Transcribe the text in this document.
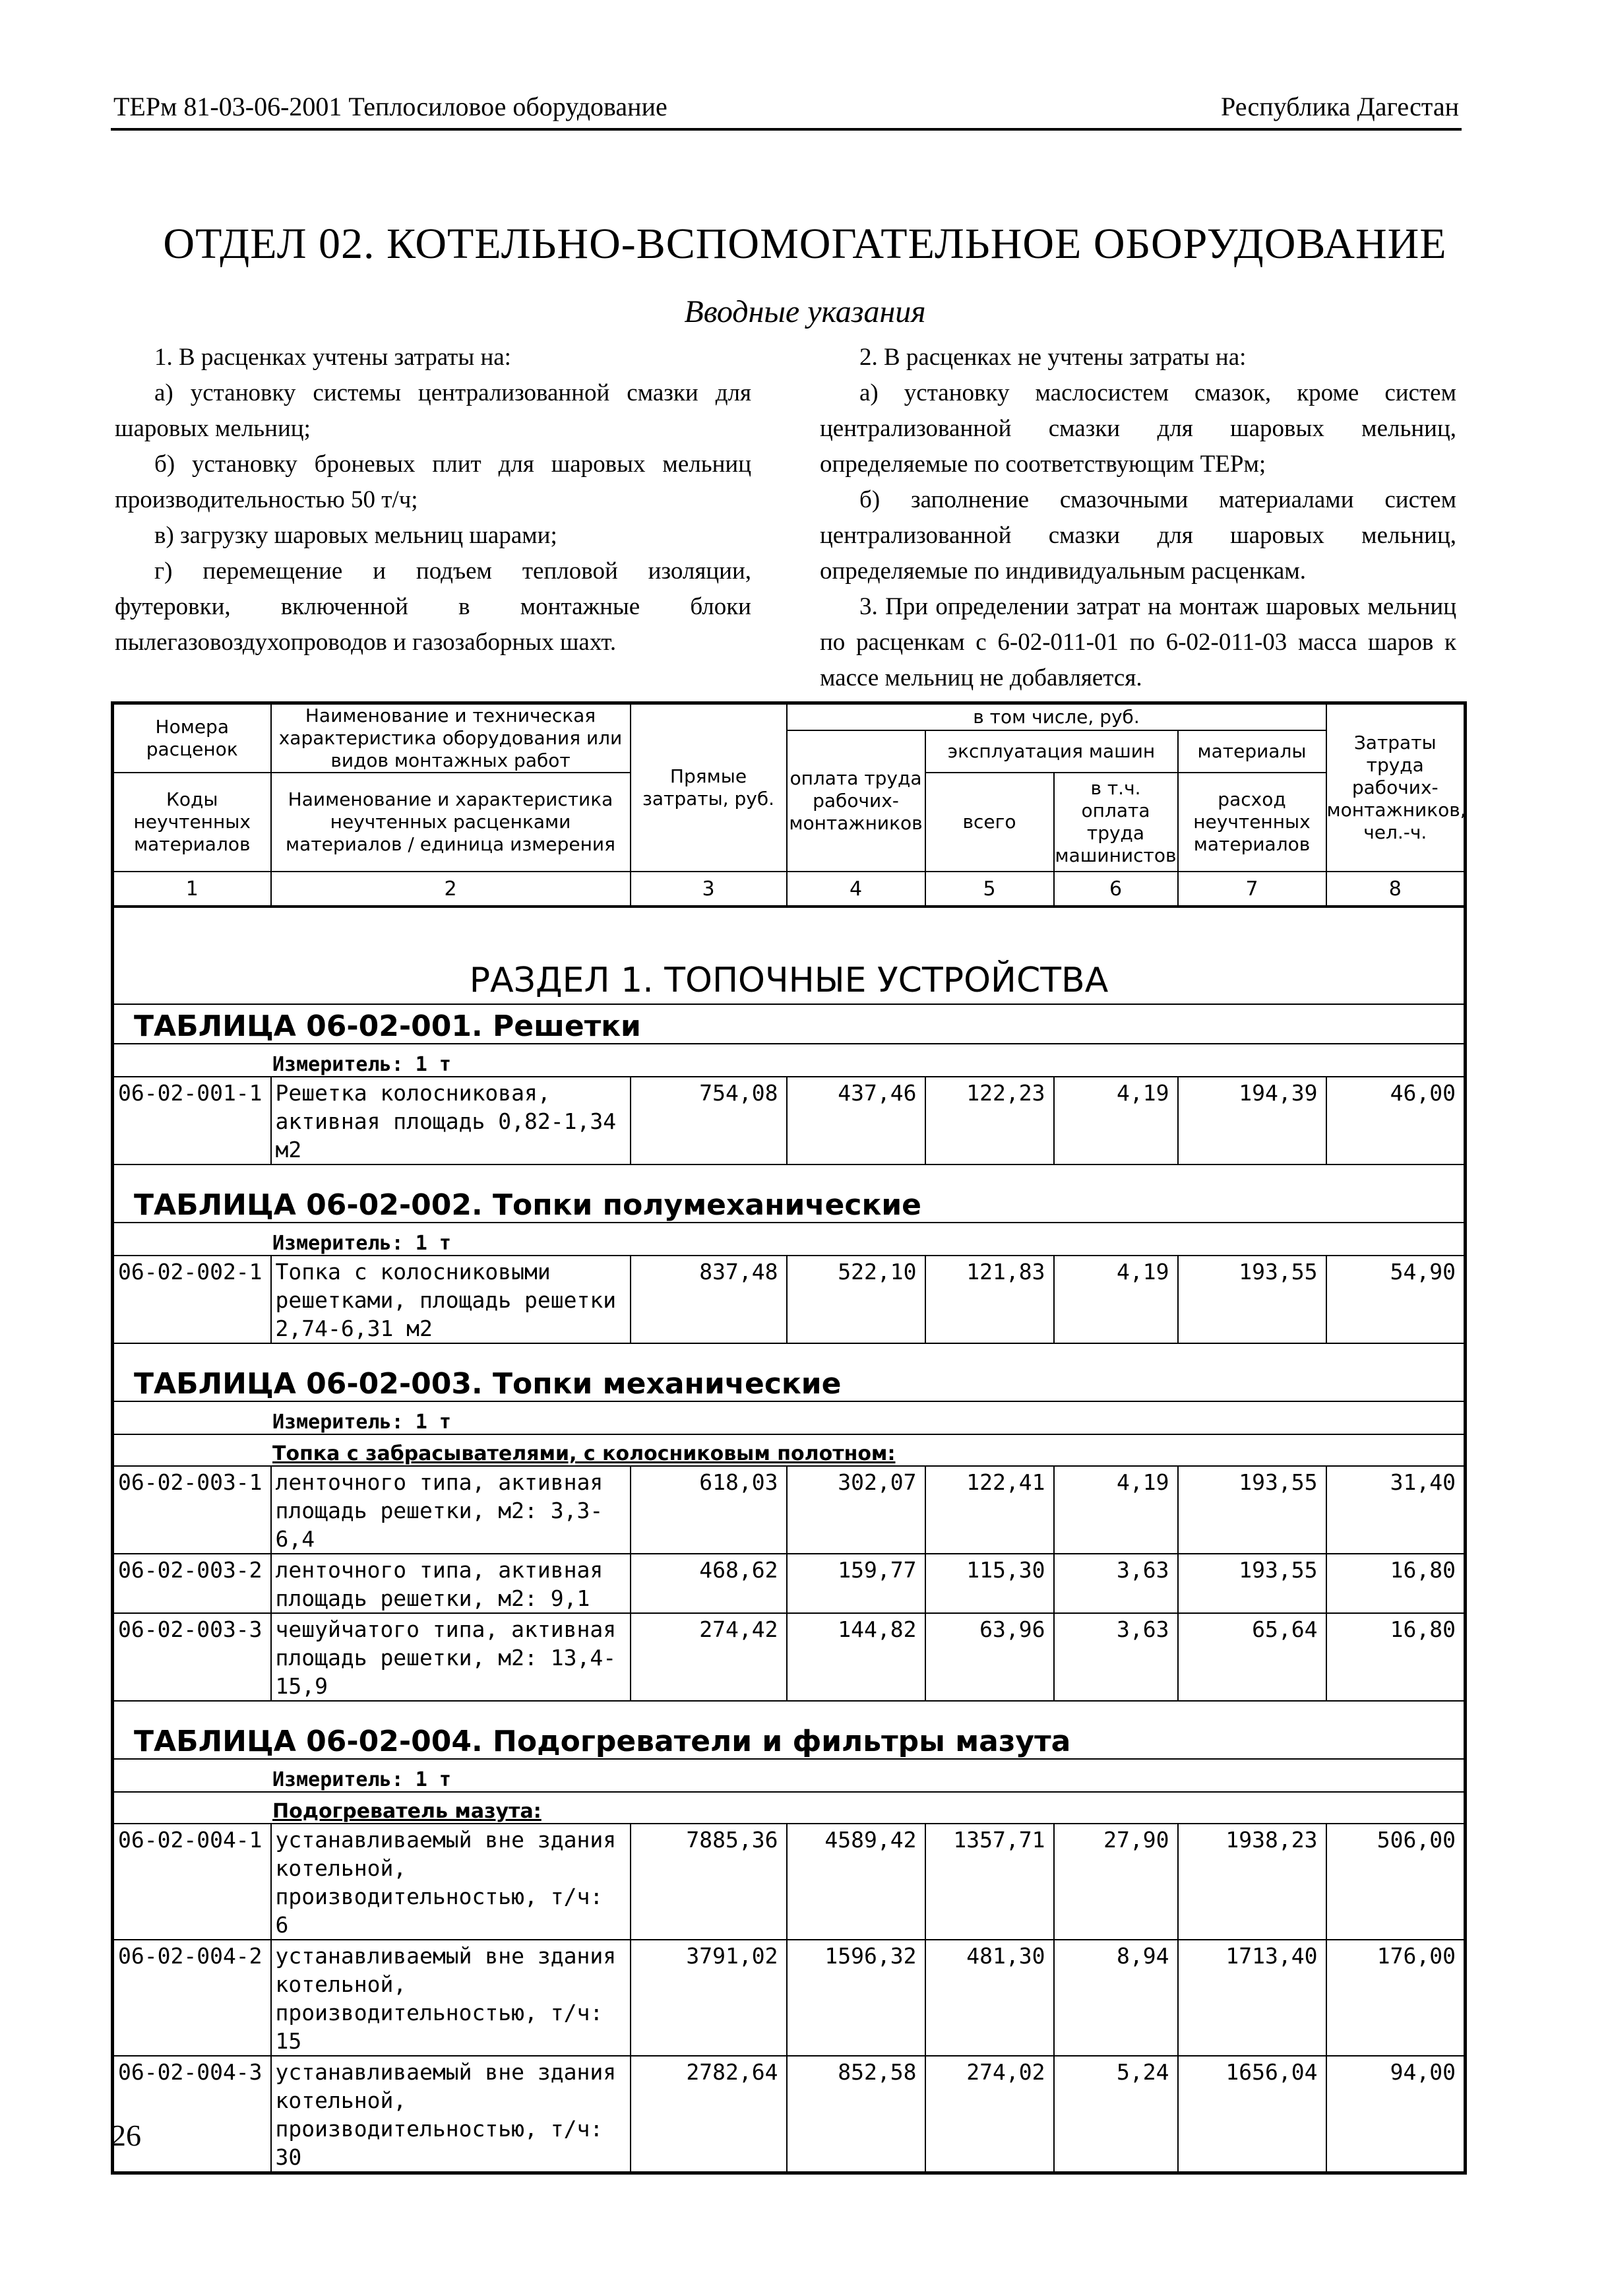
ТЕРм 81-03-06-2001 Теплосиловое оборудование	Республика Дагестан
ОТДЕЛ 02. КОТЕЛЬНО-ВСПОМОГАТЕЛЬНОЕ ОБОРУДОВАНИЕ
Вводные указания

1. В расценках учтены затраты на:

а) установку системы централизованной смазки для шаровых мельниц;

б) установку броневых плит для шаровых мельниц производительностью 50 т/ч;

в) загрузку шаровых мельниц шарами;

г) перемещение и подъем тепловой изоляции, футеровки, включенной в монтажные блоки пылегазовоздухопроводов и газозаборных шахт.

2. В расценках не учтены затраты на:

а) установку маслосистем смазок, кроме систем централизованной смазки для шаровых мельниц, определяемые по соответствующим ТЕРм;

б) заполнение смазочными материалами систем централизованной смазки для шаровых мельниц, определяемые по индивидуальным расценкам.

3. При определении затрат на монтаж шаровых мельниц по расценкам с 6-02-011-01 по 6-02-011-03 масса шаров к массе мельниц не добавляется.

Номера расценок	Наименование и техническая характеристика оборудования или видов монтажных работ	Прямые затраты, руб.	в том числе, руб.				Затраты труда рабочих-монтажников, чел.-ч.
			оплата труда рабочих-монтажников	эксплуатация машин		материалы	
Коды неучтенных материалов	Наименование и характеристика неучтенных расценками материалов / единица измерения			всего	в т.ч. оплата труда машинистов	расход неучтенных материалов	

1	2	3	4	5	6	7	8
РАЗДЕЛ 1. ТОПОЧНЫЕ УСТРОЙСТВА							
ТАБЛИЦА 06-02-001. Решетки							
Измеритель: 1 т							
06-02-001-1	Решетка колосниковая, активная площадь 0,82-1,34 м2	754,08	437,46	122,23	4,19	194,39	46,00
ТАБЛИЦА 06-02-002. Топки полумеханические							
Измеритель: 1 т							
06-02-002-1	Топка с колосниковыми решетками, площадь решетки 2,74-6,31 м2	837,48	522,10	121,83	4,19	193,55	54,90
ТАБЛИЦА 06-02-003. Топки механические							
Измеритель: 1 т							
Топка с забрасывателями, с колосниковым полотном:							
06-02-003-1	ленточного типа, активная площадь решетки, м2: 3,3-6,4	618,03	302,07	122,41	4,19	193,55	31,40
06-02-003-2	ленточного типа, активная площадь решетки, м2: 9,1	468,62	159,77	115,30	3,63	193,55	16,80
06-02-003-3	чешуйчатого типа, активная площадь решетки, м2: 13,4-15,9	274,42	144,82	63,96	3,63	65,64	16,80
ТАБЛИЦА 06-02-004. Подогреватели и фильтры мазута							
Измеритель: 1 т							
Подогреватель мазута:							
06-02-004-1	устанавливаемый вне здания котельной, производительностью, т/ч: 6	7885,36	4589,42	1357,71	27,90	1938,23	506,00
06-02-004-2	устанавливаемый вне здания котельной, производительностью, т/ч: 15	3791,02	1596,32	481,30	8,94	1713,40	176,00
06-02-004-3	устанавливаемый вне здания котельной, производительностью, т/ч: 30	2782,64	852,58	274,02	5,24	1656,04	94,00
26
